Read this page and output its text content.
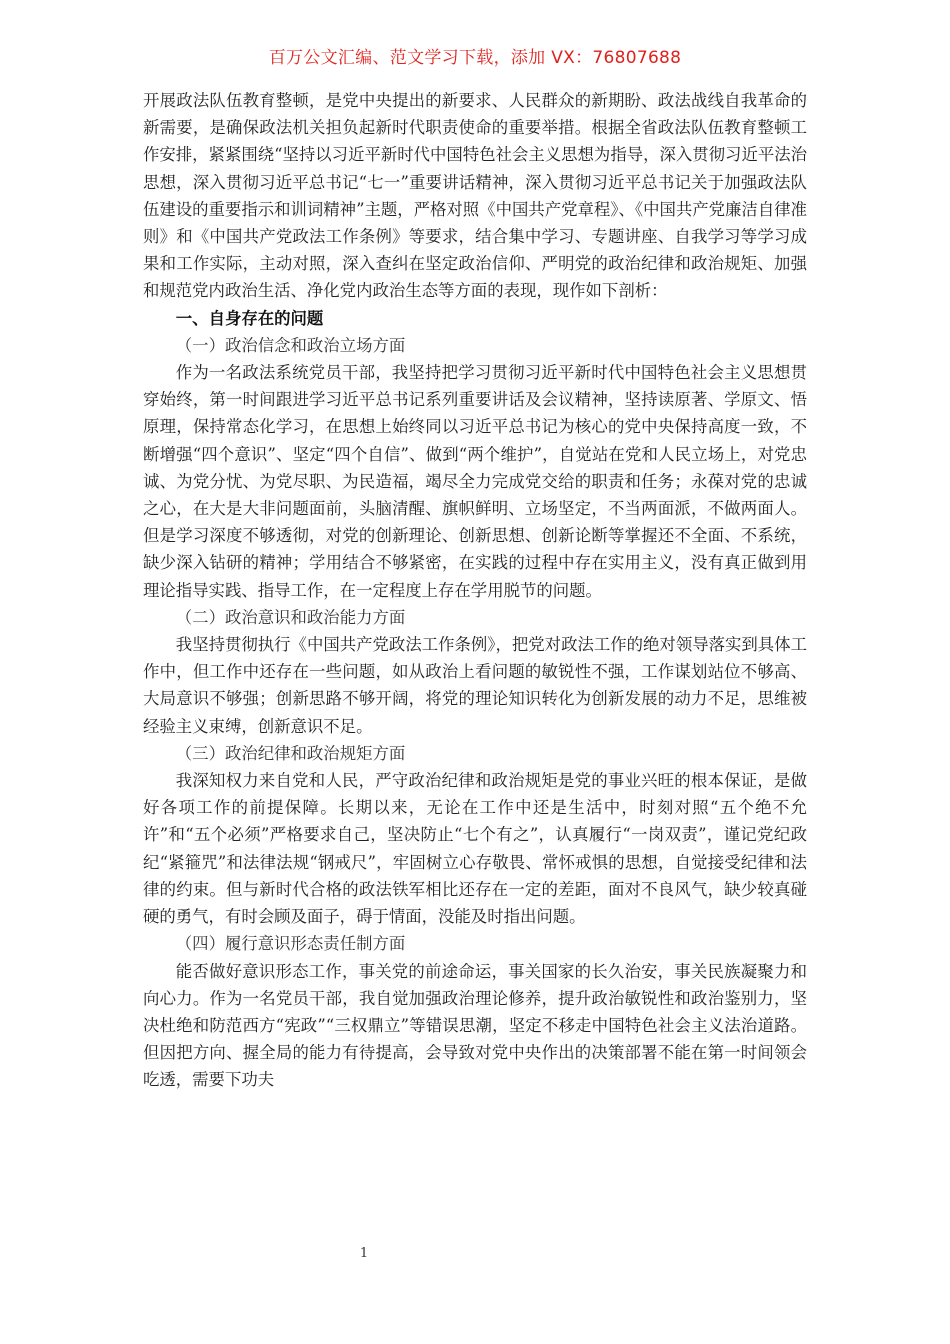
百万公文汇编、范文学习下载，添加 VX：76807688

开展政法队伍教育整顿，是党中央提出的新要求、人民群众的新期盼、政法战线自我革命的新需要，是确保政法机关担负起新时代职责使命的重要举措。根据全省政法队伍教育整顿工作安排，紧紧围绕“坚持以习近平新时代中国特色社会主义思想为指导，深入贯彻习近平法治思想，深入贯彻习近平总书记“七一”重要讲话精神，深入贯彻习近平总书记关于加强政法队伍建设的重要指示和训词精神”主题，严格对照《中国共产党章程》、《中国共产党廉洁自律准则》和《中国共产党政法工作条例》等要求，结合集中学习、专题讲座、自我学习等学习成果和工作实际，主动对照，深入查纠在坚定政治信仰、严明党的政治纪律和政治规矩、加强和规范党内政治生活、净化党内政治生态等方面的表现，现作如下剖析：

一、自身存在的问题

（一）政治信念和政治立场方面

作为一名政法系统党员干部，我坚持把学习贯彻习近平新时代中国特色社会主义思想贯穿始终，第一时间跟进学习近平总书记系列重要讲话及会议精神，坚持读原著、学原文、悟原理，保持常态化学习，在思想上始终同以习近平总书记为核心的党中央保持高度一致，不断增强“四个意识”、坚定“四个自信”、做到“两个维护”，自觉站在党和人民立场上，对党忠诚、为党分忧、为党尽职、为民造福，竭尽全力完成党交给的职责和任务；永葆对党的忠诚之心，在大是大非问题面前，头脑清醒、旗帜鲜明、立场坚定，不当两面派，不做两面人。但是学习深度不够透彻，对党的创新理论、创新思想、创新论断等掌握还不全面、不系统，缺少深入钻研的精神；学用结合不够紧密，在实践的过程中存在实用主义，没有真正做到用理论指导实践、指导工作，在一定程度上存在学用脱节的问题。

（二）政治意识和政治能力方面

我坚持贯彻执行《中国共产党政法工作条例》，把党对政法工作的绝对领导落实到具体工作中，但工作中还存在一些问题，如从政治上看问题的敏锐性不强，工作谋划站位不够高、大局意识不够强；创新思路不够开阔，将党的理论知识转化为创新发展的动力不足，思维被经验主义束缚，创新意识不足。

（三）政治纪律和政治规矩方面

我深知权力来自党和人民，严守政治纪律和政治规矩是党的事业兴旺的根本保证，是做好各项工作的前提保障。长期以来，无论在工作中还是生活中，时刻对照“五个绝不允许”和“五个必须”严格要求自己，坚决防止“七个有之”，认真履行“一岗双责”，谨记党纪政纪“紧箍咒”和法律法规“钢戒尺”，牢固树立心存敬畏、常怀戒惧的思想，自觉接受纪律和法律的约束。但与新时代合格的政法铁军相比还存在一定的差距，面对不良风气，缺少较真碰硬的勇气，有时会顾及面子，碍于情面，没能及时指出问题。

（四）履行意识形态责任制方面

能否做好意识形态工作，事关党的前途命运，事关国家的长久治安，事关民族凝聚力和向心力。作为一名党员干部，我自觉加强政治理论修养，提升政治敏锐性和政治鉴别力，坚决杜绝和防范西方“宪政”“三权鼎立”等错误思潮，坚定不移走中国特色社会主义法治道路。但因把方向、握全局的能力有待提高，会导致对党中央作出的决策部署不能在第一时间领会吃透，需要下功夫

1
